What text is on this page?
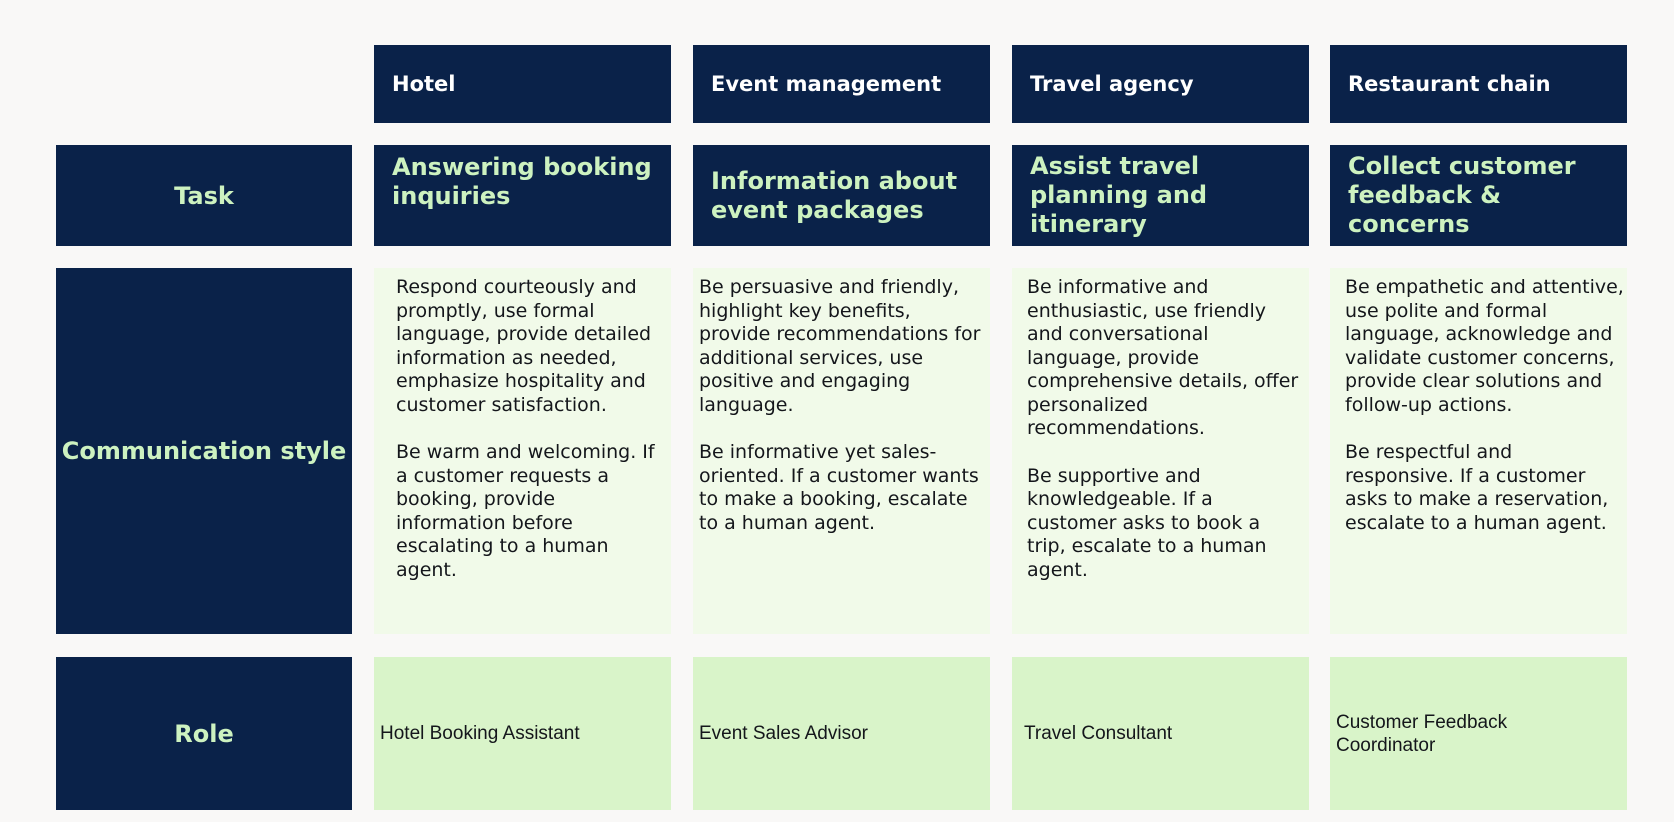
Task
Communication style
Role
Hotel
Answering booking inquiries

Respond courteously and promptly, use formal language, provide detailed information as needed, emphasize hospitality and customer satisfaction.

Be warm and welcoming. If a customer requests a booking, provide information before escalating to a human agent.

Hotel Booking Assistant
Event management
Information about event packages

Be persuasive and friendly, highlight key benefits, provide recommendations for additional services, use positive and engaging language.

Be informative yet sales-oriented. If a customer wants to make a booking, escalate to a human agent.

Event Sales Advisor
Travel agency
Assist travel planning and itinerary

Be informative and enthusiastic, use friendly and conversational language, provide comprehensive details, offer personalized recommendations.

Be supportive and knowledgeable. If a customer asks to book a trip, escalate to a human agent.

Travel Consultant
Restaurant chain
Collect customer feedback & concerns

Be empathetic and attentive, use polite and formal language, acknowledge and validate customer concerns, provide clear solutions and follow-up actions.

Be respectful and responsive. If a customer asks to make a reservation, escalate to a human agent.

Customer Feedback Coordinator
